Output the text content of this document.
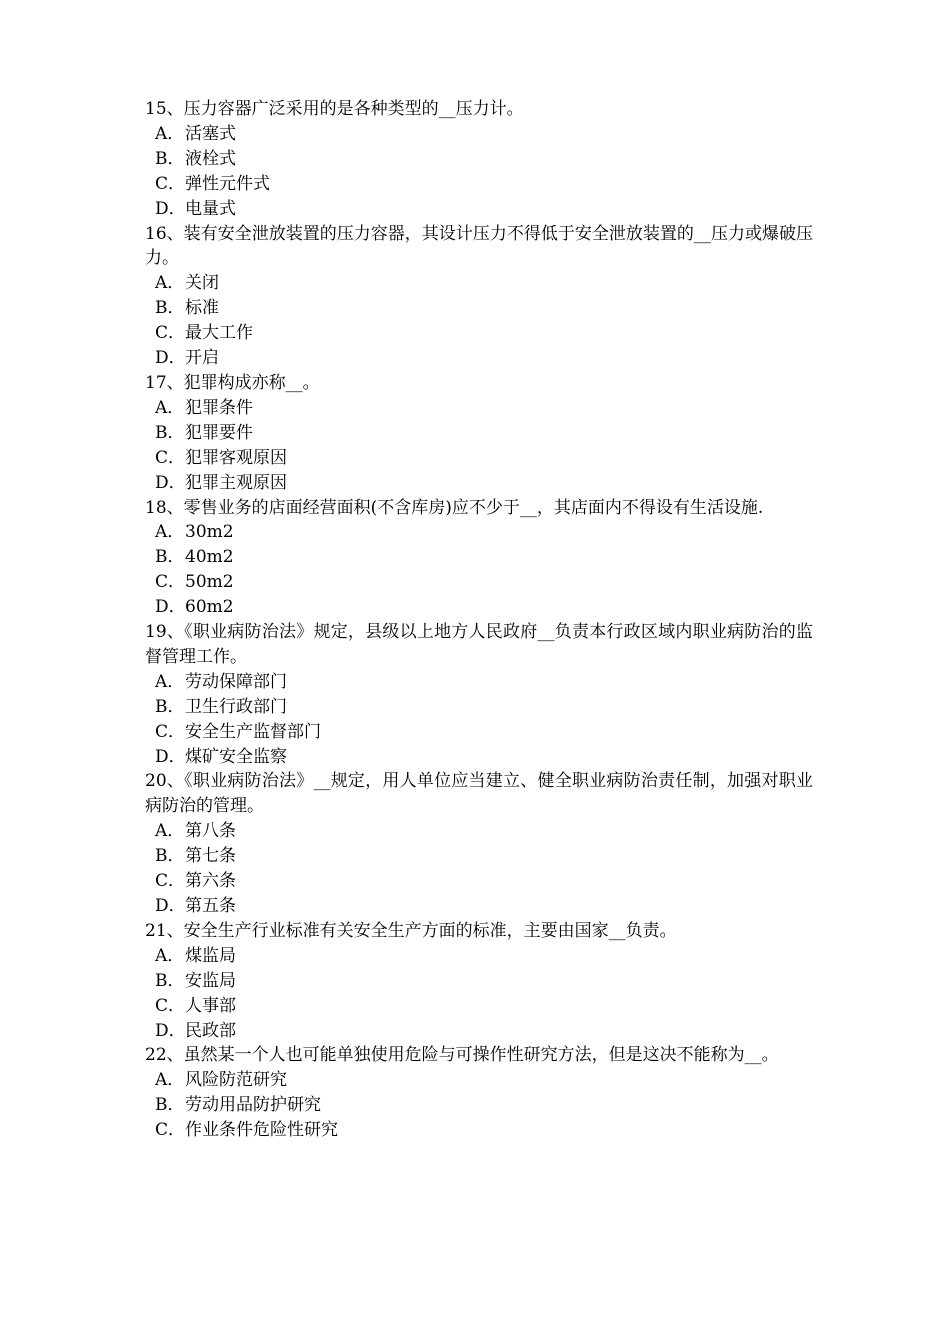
15、压力容器广泛采用的是各种类型的__压力计。

A．活塞式
B．液栓式
C．弹性元件式
D．电量式

16、装有安全泄放装置的压力容器，其设计压力不得低于安全泄放装置的__压力或爆破压力。

A．关闭
B．标准
C．最大工作
D．开启

17、犯罪构成亦称__。

A．犯罪条件
B．犯罪要件
C．犯罪客观原因
D．犯罪主观原因

18、零售业务的店面经营面积(不含库房)应不少于__，其店面内不得设有生活设施.

A．30m2
B．40m2
C．50m2
D．60m2

19、《职业病防治法》规定，县级以上地方人民政府__负责本行政区域内职业病防治的监督管理工作。

A．劳动保障部门
B．卫生行政部门
C．安全生产监督部门
D．煤矿安全监察

20、《职业病防治法》__规定，用人单位应当建立、健全职业病防治责任制，加强对职业病防治的管理。

A．第八条
B．第七条
C．第六条
D．第五条

21、安全生产行业标准有关安全生产方面的标准，主要由国家__负责。

A．煤监局
B．安监局
C．人事部
D．民政部

22、虽然某一个人也可能单独使用危险与可操作性研究方法，但是这决不能称为__。

A．风险防范研究
B．劳动用品防护研究
C．作业条件危险性研究
